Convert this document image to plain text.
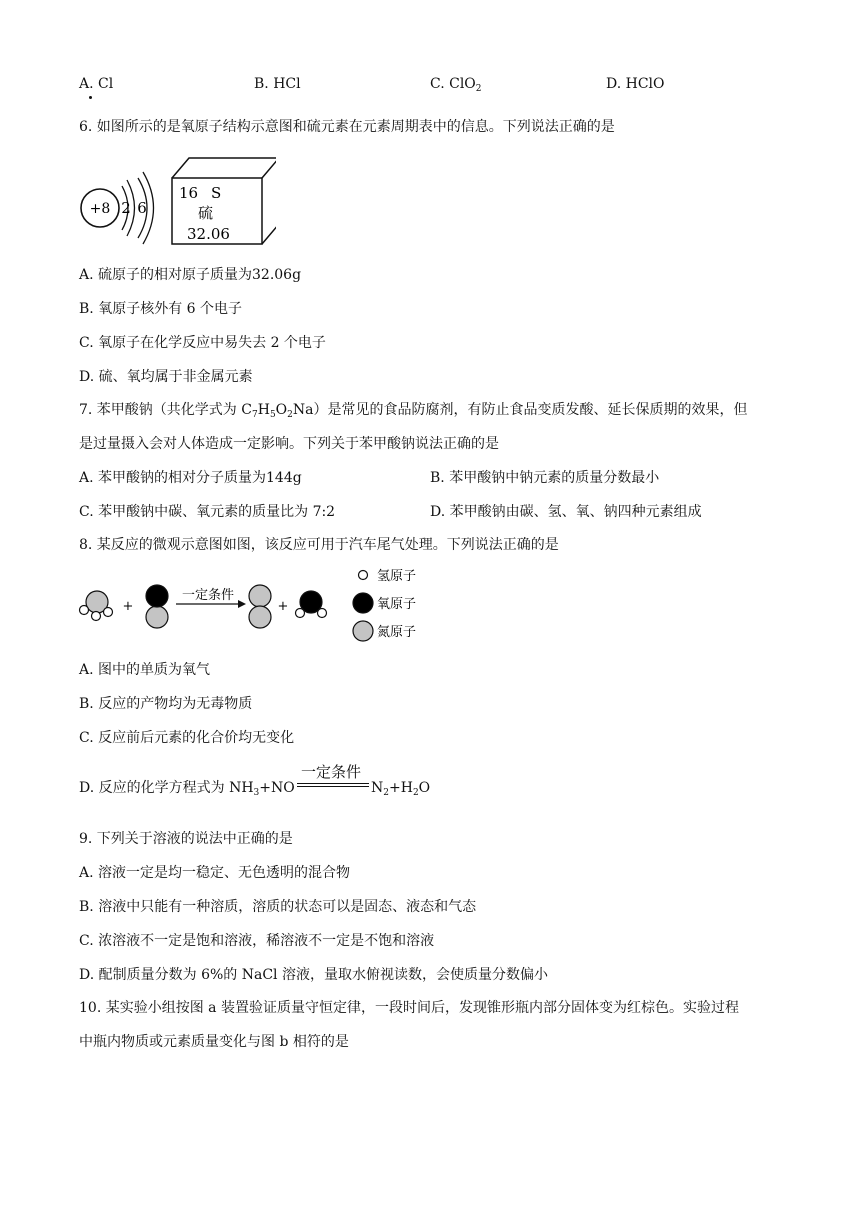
A. Cl	B. HCl	C. ClO$_2$	D. HClO
6. 如图所示的是氧原子结构示意图和硫元素在元素周期表中的信息。下列说法正确的是
+8 2 6
16 S
硫
32.06
A. 硫原子的相对原子质量为32.06g
B. 氧原子核外有 6 个电子
C. 氧原子在化学反应中易失去 2 个电子
D. 硫、氧均属于非金属元素
7. 苯甲酸钠（共化学式为 $C_7H_5O_2Na$）是常见的食品防腐剂，有防止食品变质发酸、延长保质期的效果，但
是过量摄入会对人体造成一定影响。下列关于苯甲酸钠说法正确的是
A. 苯甲酸钠的相对分子质量为144g	B. 苯甲酸钠中钠元素的质量分数最小
C. 苯甲酸钠中碳、氧元素的质量比为 7:2	D. 苯甲酸钠由碳、氢、氧、钠四种元素组成
8. 某反应的微观示意图如图，该反应可用于汽车尾气处理。下列说法正确的是
+
一定条件
+
氢原子
氧原子
氮原子
A. 图中的单质为氧气
B. 反应的产物均为无毒物质
C. 反应前后元素的化合价均无变化
D. 反应的化学方程式为 $NH_3+NO$
一定条件
$N_2+H_2O$
9. 下列关于溶液的说法中正确的是
A. 溶液一定是均一稳定、无色透明的混合物
B. 溶液中只能有一种溶质，溶质的状态可以是固态、液态和气态
C. 浓溶液不一定是饱和溶液，稀溶液不一定是不饱和溶液
D. 配制质量分数为 6%的 NaCl 溶液，量取水俯视读数，会使质量分数偏小
10. 某实验小组按图 a 装置验证质量守恒定律，一段时间后，发现锥形瓶内部分固体变为红棕色。实验过程
中瓶内物质或元素质量变化与图 b 相符的是
